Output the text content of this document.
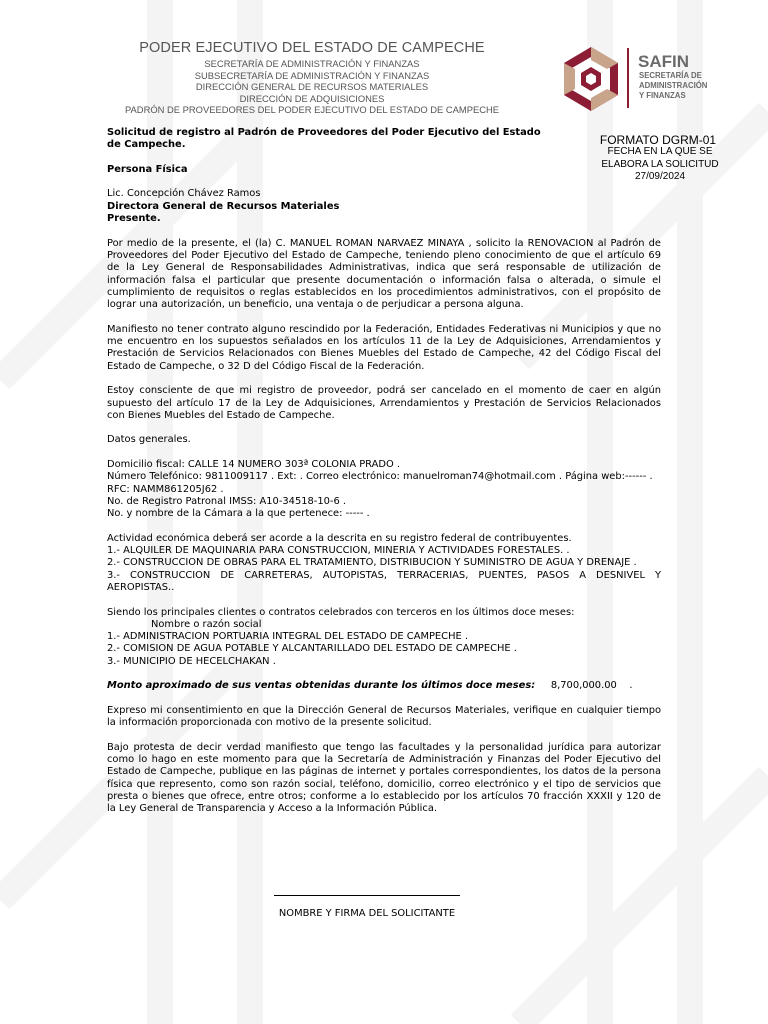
PODER EJECUTIVO DEL ESTADO DE CAMPECHE
SECRETARÍA DE ADMINISTRACIÓN Y FINANZAS
SUBSECRETARÍA DE ADMINISTRACIÓN Y FINANZAS
DIRECCIÓN GENERAL DE RECURSOS MATERIALES
DIRECCIÓN DE ADQUISICIONES
PADRÓN DE PROVEEDORES DEL PODER EJECUTIVO DEL ESTADO DE CAMPECHE
SAFIN
SECRETARÍA DE
ADMINISTRACIÓN
Y FINANZAS
FORMATO DGRM-01
FECHA EN LA QUE SE
ELABORA LA SOLICITUD
27/09/2024
Solicitud de registro al Padrón de Proveedores del Poder Ejecutivo del Estado de Campeche.
Persona Física
Lic. Concepción Chávez Ramos
Directora General de Recursos Materiales
Presente.
Por medio de la presente, el (la) C. MANUEL ROMAN NARVAEZ MINAYA , solicito la RENOVACION al Padrón de Proveedores del Poder Ejecutivo del Estado de Campeche, teniendo pleno conocimiento de que el artículo 69 de la Ley General de Responsabilidades Administrativas, indica que será responsable de utilización de información falsa el particular que presente documentación o información falsa o alterada, o simule el cumplimiento de requisitos o reglas establecidos en los procedimientos administrativos, con el propósito de lograr una autorización, un beneficio, una ventaja o de perjudicar a persona alguna.
Manifiesto no tener contrato alguno rescindido por la Federación, Entidades Federativas ni Municipios y que no me encuentro en los supuestos señalados en los artículos 11 de la Ley de Adquisiciones, Arrendamientos y Prestación de Servicios Relacionados con Bienes Muebles del Estado de Campeche, 42 del Código Fiscal del Estado de Campeche, o 32 D del Código Fiscal de la Federación.
Estoy consciente de que mi registro de proveedor, podrá ser cancelado en el momento de caer en algún supuesto del artículo 17 de la Ley de Adquisiciones, Arrendamientos y Prestación de Servicios Relacionados con Bienes Muebles del Estado de Campeche.
Datos generales.
Domicilio fiscal: CALLE 14 NUMERO 303ª COLONIA PRADO .
Número Telefónico: 9811009117 . Ext: . Correo electrónico: manuelroman74@hotmail.com . Página web:------ .
RFC: NAMM861205J62 .
No. de Registro Patronal IMSS: A10-34518-10-6 .
No. y nombre de la Cámara a la que pertenece: ----- .
Actividad económica deberá ser acorde a la descrita en su registro federal de contribuyentes.
1.- ALQUILER DE MAQUINARIA PARA CONSTRUCCION, MINERIA Y ACTIVIDADES FORESTALES. .
2.- CONSTRUCCION DE OBRAS PARA EL TRATAMIENTO, DISTRIBUCION Y SUMINISTRO DE AGUA Y DRENAJE .
3.- CONSTRUCCION DE CARRETERAS, AUTOPISTAS, TERRACERIAS, PUENTES, PASOS A DESNIVEL Y AEROPISTAS..
Siendo los principales clientes o contratos celebrados con terceros en los últimos doce meses:
Nombre o razón social
1.- ADMINISTRACION PORTUARIA INTEGRAL DEL ESTADO DE CAMPECHE .
2.- COMISION DE AGUA POTABLE Y ALCANTARILLADO DEL ESTADO DE CAMPECHE .
3.- MUNICIPIO DE HECELCHAKAN .
Monto aproximado de sus ventas obtenidas durante los últimos doce meses:     8,700,000.00    .
Expreso mi consentimiento en que la Dirección General de Recursos Materiales, verifique en cualquier tiempo la información proporcionada con motivo de la presente solicitud.
Bajo protesta de decir verdad manifiesto que tengo las facultades y la personalidad jurídica para autorizar como lo hago en este momento para que la Secretaría de Administración y Finanzas del Poder Ejecutivo del Estado de Campeche, publique en las páginas de internet y portales correspondientes, los datos de la persona física que represento, como son razón social, teléfono, domicilio, correo electrónico y el tipo de servicios que presta o bienes que ofrece, entre otros; conforme a lo establecido por los artículos 70 fracción XXXII y 120 de la Ley General de Transparencia y Acceso a la Información Pública.
NOMBRE Y FIRMA DEL SOLICITANTE
